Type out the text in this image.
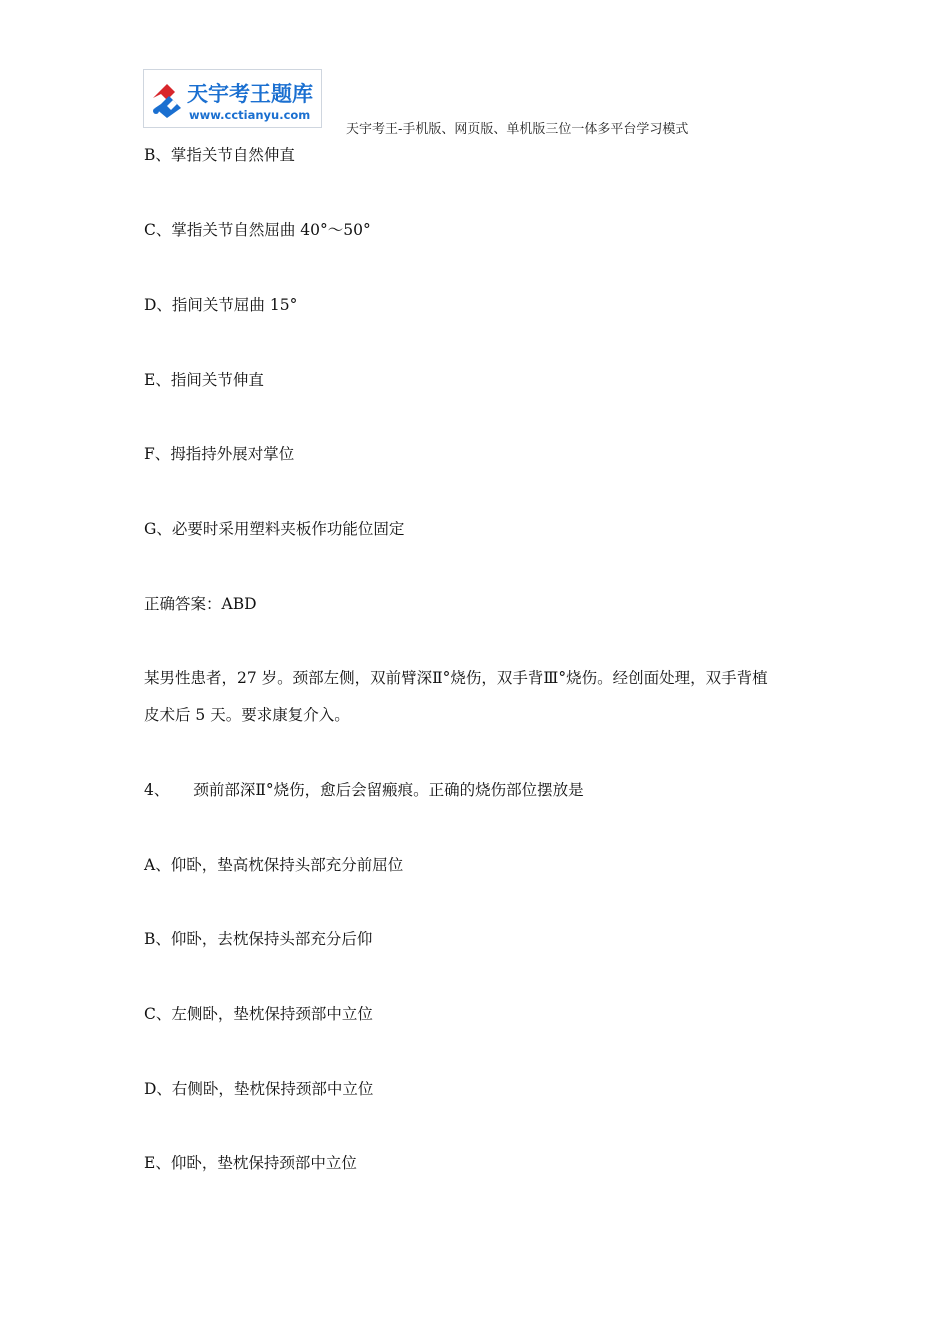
天宇考王题库
www.cctianyu.com
天宇考王-手机版、网页版、单机版三位一体多平台学习模式
B、掌指关节自然伸直
C、掌指关节自然屈曲 40°～50°
D、指间关节屈曲 15°
E、指间关节伸直
F、拇指持外展对掌位
G、必要时采用塑料夹板作功能位固定
正确答案：ABD
某男性患者，27 岁。颈部左侧，双前臂深Ⅱ°烧伤，双手背Ⅲ°烧伤。经创面处理，双手背植
皮术后 5 天。要求康复介入。
4、 颈前部深Ⅱ°烧伤，愈后会留瘢痕。正确的烧伤部位摆放是
A、仰卧，垫高枕保持头部充分前屈位
B、仰卧，去枕保持头部充分后仰
C、左侧卧，垫枕保持颈部中立位
D、右侧卧，垫枕保持颈部中立位
E、仰卧，垫枕保持颈部中立位
